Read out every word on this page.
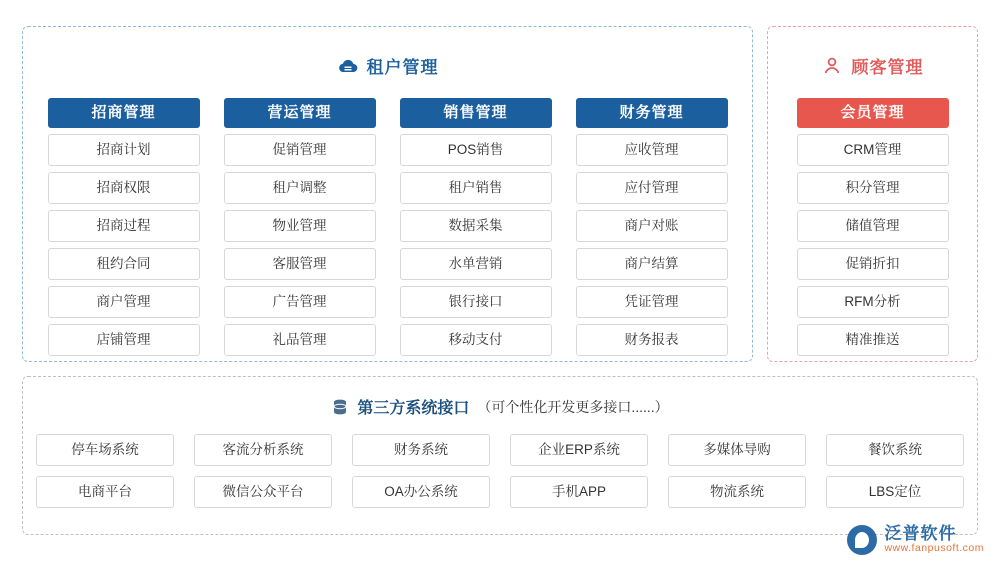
租户管理
招商管理
招商计划
招商权限
招商过程
租约合同
商户管理
店铺管理
营运管理
促销管理
租户调整
物业管理
客服管理
广告管理
礼品管理
销售管理
POS销售
租户销售
数据采集
水单营销
银行接口
移动支付
财务管理
应收管理
应付管理
商户对账
商户结算
凭证管理
财务报表
顾客管理
会员管理
CRM管理
积分管理
储值管理
促销折扣
RFM分析
精准推送
第三方系统接口 （可个性化开发更多接口......）
停车场系统	客流分析系统	财务系统	企业ERP系统	多媒体导购	餐饮系统
电商平台	微信公众平台	OA办公系统	手机APP	物流系统	LBS定位
泛普软件
www.fanpusoft.com
